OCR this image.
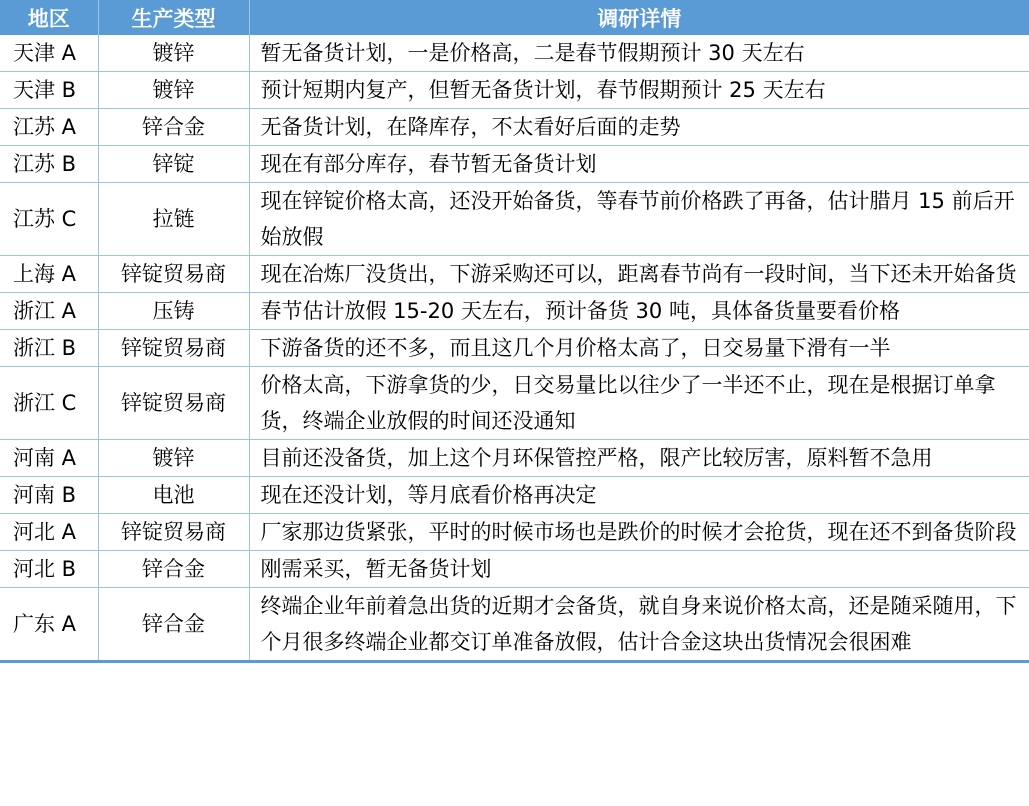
地区	生产类型	调研详情
天津 A	镀锌	暂无备货计划，一是价格高，二是春节假期预计 30 天左右
天津 B	镀锌	预计短期内复产，但暂无备货计划，春节假期预计 25 天左右
江苏 A	锌合金	无备货计划，在降库存，不太看好后面的走势
江苏 B	锌锭	现在有部分库存，春节暂无备货计划
江苏 C	拉链	现在锌锭价格太高，还没开始备货，等春节前价格跌了再备，估计腊月 15 前后开始放假
上海 A	锌锭贸易商	现在冶炼厂没货出，下游采购还可以，距离春节尚有一段时间，当下还未开始备货
浙江 A	压铸	春节估计放假 15-20 天左右，预计备货 30 吨，具体备货量要看价格
浙江 B	锌锭贸易商	下游备货的还不多，而且这几个月价格太高了，日交易量下滑有一半
浙江 C	锌锭贸易商	价格太高，下游拿货的少，日交易量比以往少了一半还不止，现在是根据订单拿货，终端企业放假的时间还没通知
河南 A	镀锌	目前还没备货，加上这个月环保管控严格，限产比较厉害，原料暂不急用
河南 B	电池	现在还没计划，等月底看价格再决定
河北 A	锌锭贸易商	厂家那边货紧张，平时的时候市场也是跌价的时候才会抢货，现在还不到备货阶段
河北 B	锌合金	刚需采买，暂无备货计划
广东 A	锌合金	终端企业年前着急出货的近期才会备货，就自身来说价格太高，还是随采随用，下个月很多终端企业都交订单准备放假，估计合金这块出货情况会很困难
